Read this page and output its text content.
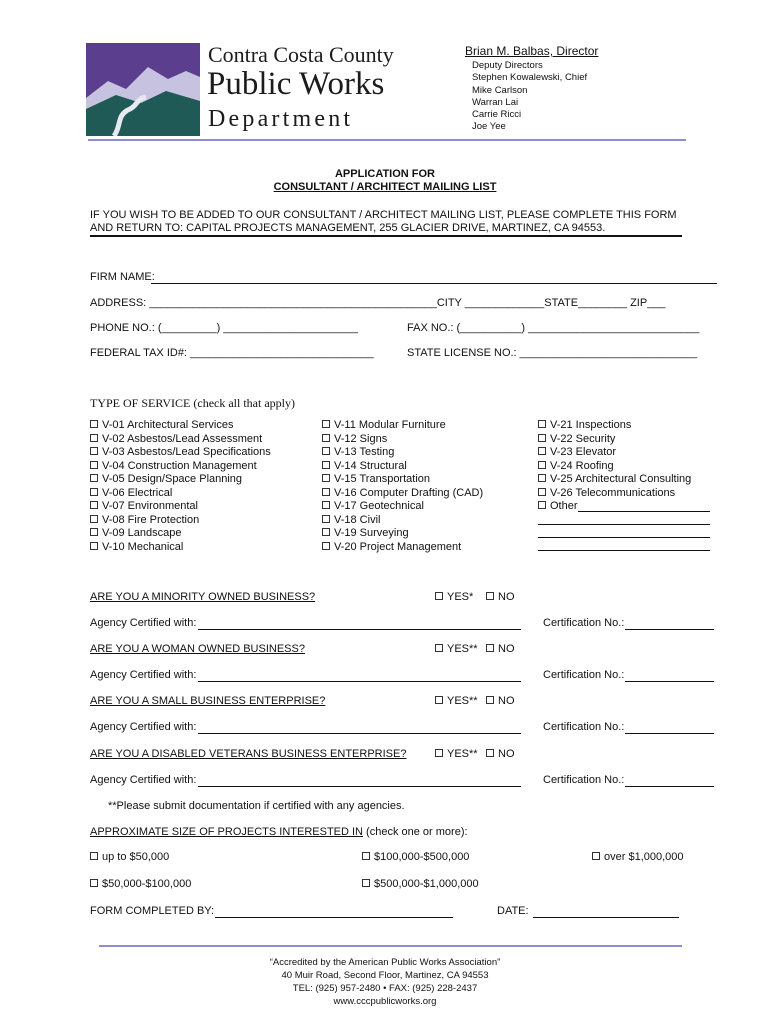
Contra Costa County
Public Works
Department
Brian M. Balbas, Director
Deputy Directors
Stephen Kowalewski, Chief
Mike Carlson
Warran Lai
Carrie Ricci
Joe Yee
APPLICATION FOR
CONSULTANT / ARCHITECT MAILING LIST
IF YOU WISH TO BE ADDED TO OUR CONSULTANT / ARCHITECT MAILING LIST, PLEASE COMPLETE THIS FORM
AND RETURN TO: CAPITAL PROJECTS MANAGEMENT, 255 GLACIER DRIVE, MARTINEZ, CA 94553.
FIRM NAME:
ADDRESS: _______________________________________________CITY _____________STATE________ ZIP___
PHONE NO.: (_________) ______________________	FAX NO.: (__________) ____________________________
FEDERAL TAX ID#: ______________________________	STATE LICENSE NO.: _____________________________
TYPE OF SERVICE (check all that apply)
V-01 Architectural Services
V-02 Asbestos/Lead Assessment
V-03 Asbestos/Lead Specifications
V-04 Construction Management
V-05 Design/Space Planning
V-06 Electrical
V-07 Environmental
V-08 Fire Protection
V-09 Landscape
V-10 Mechanical
V-11 Modular Furniture
V-12 Signs
V-13 Testing
V-14 Structural
V-15 Transportation
V-16 Computer Drafting (CAD)
V-17 Geotechnical
V-18 Civil
V-19 Surveying
V-20 Project Management
V-21 Inspections
V-22 Security
V-23 Elevator
V-24 Roofing
V-25 Architectural Consulting
V-26 Telecommunications
Other
ARE YOU A MINORITY OWNED BUSINESS?	YES*	NO
Agency Certified with:	Certification No.:
ARE YOU A WOMAN OWNED BUSINESS?	YES**	NO
Agency Certified with:	Certification No.:
ARE YOU A SMALL BUSINESS ENTERPRISE?	YES**	NO
Agency Certified with:	Certification No.:
ARE YOU A DISABLED VETERANS BUSINESS ENTERPRISE?	YES**	NO
Agency Certified with:	Certification No.:
**Please submit documentation if certified with any agencies.
APPROXIMATE SIZE OF PROJECTS INTERESTED IN (check one or more):
up to $50,000	$100,000-$500,000	over $1,000,000
$50,000-$100,000	$500,000-$1,000,000
FORM COMPLETED BY:	DATE:
“Accredited by the American Public Works Association”
40 Muir Road, Second Floor, Martinez, CA 94553
TEL: (925) 957-2480 • FAX: (925) 228-2437
www.cccpublicworks.org
